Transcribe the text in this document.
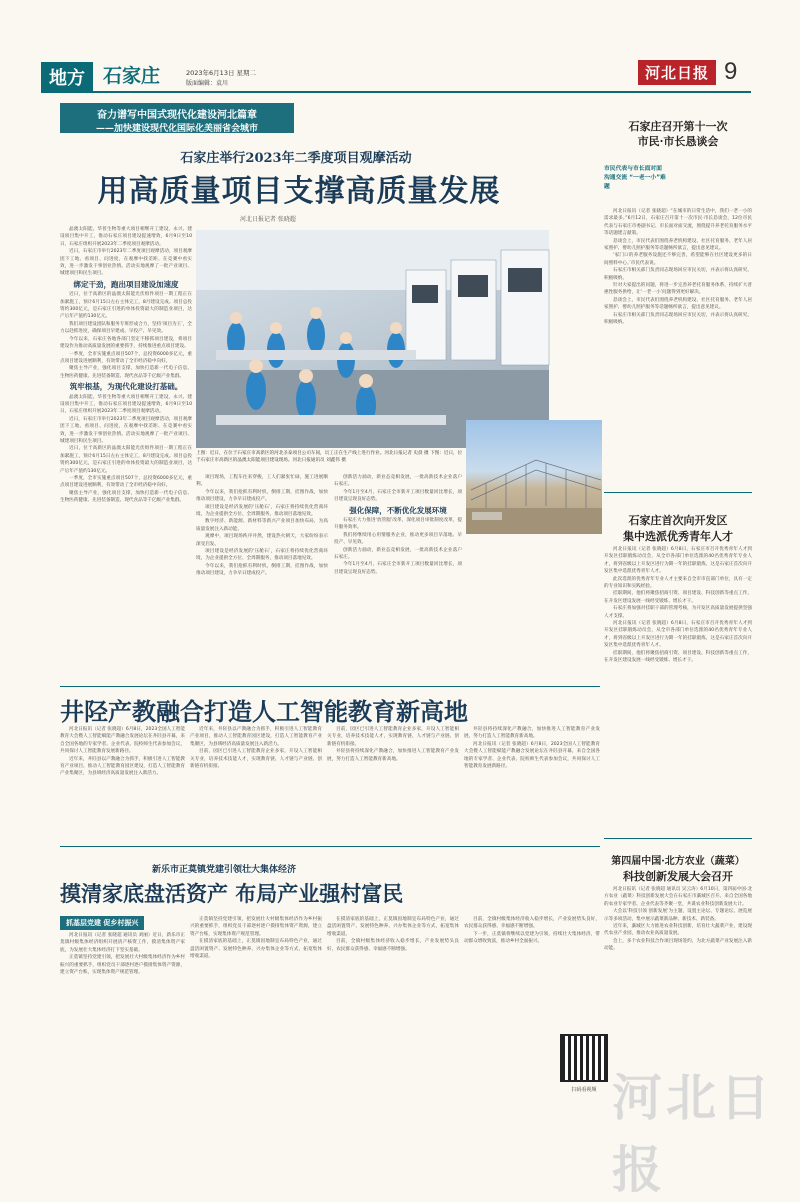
地方 石家庄	2023年6月13日 星期二
版面编辑：袁川
河北日报 9
奋力谱写中国式现代化建设河北篇章
——加快建设现代化国际化美丽省会城市
石家庄举行2023年二季度项目观摩活动
用高质量项目支撑高质量发展
河北日报记者 张晓超

晶澳太阳能、华普生物等重大项目相继开工建设，永兴、建设项目集中开工，推动石家庄项目建设提速增效，6月9日至10日，石家庄组织开展2023年二季度项目观摩活动。

近日，石家庄市举行2023年二季度项目观摩活动，项目观摩团下工地、看项目、问进度，在观摩中找差距、在竞赛中看实效，进一步激发干事创业热情。活动实地观摩了一批产业项目、城建项目和民生项目。

绑定干劲，跑出项目建设加速度

近日，位于高新区的晶澳太阳能光伏组件项目一期工程正在加紧施工，预计6月15日左右主体完工，8月建设完成。项目总投资约300亿元，是石家庄引进的单体投资最大的制造业项目，达产后年产值约130亿元。

我们项目建设团队和服务专班形成合力，坚持‘项目为王’，全力以赴抓进度，确保项目早建成、早投产、早见效。

今年以来，石家庄各地各部门坚定不移抓项目建设，将项目建设作为推动高质量发展的重要抓手，持续推进重点项目建设。

一季度，全市实施重点项目507个，总投资6000多亿元，重点项目建设进展顺利，有效带动了全市经济稳中向好。

聚焦主导产业，强化项目支撑，加快打造新一代电子信息、生物医药健康、先进装备制造、现代食品等千亿级产业集群。

筑牢根基，为现代化建设打基础。

晶澳太阳能、华普生物等重大项目相继开工建设，永兴、建设项目集中开工，推动石家庄项目建设提速增效，6月9日至10日，石家庄组织开展2023年二季度项目观摩活动。

近日，石家庄市举行2023年二季度项目观摩活动，项目观摩团下工地、看项目、问进度，在观摩中找差距、在竞赛中看实效，进一步激发干事创业热情。活动实地观摩了一批产业项目、城建项目和民生项目。

近日，位于高新区的晶澳太阳能光伏组件项目一期工程正在加紧施工，预计6月15日左右主体完工，8月建设完成。项目总投资约300亿元，是石家庄引进的单体投资最大的制造业项目，达产后年产值约130亿元。

一季度，全市实施重点项目507个，总投资6000多亿元，重点项目建设进展顺利，有效带动了全市经济稳中向好。

聚焦主导产业，强化项目支撑，加快打造新一代电子信息、生物医药健康、先进装备制造、现代食品等千亿级产业集群。

上图：近日，在位于石家庄市高新区的河北圣泰项目公司车间，员工正在生产线上进行作业。河北日报记者 史晨 摄 下图：近日，位于石家庄市高新区的晶澳太阳能项目建设现场。河北日报通讯员 刘鑫伟 摄

项目现场，工程车往来穿梭，工人们紧张忙碌，施工进展顺利。

今年以来，我们抢抓有利时机，倒排工期，挂图作战，加快推动项目建设，力争早日建成投产。

项目建设是经济发展的‘压舱石’，石家庄将持续优化营商环境，为企业提供全方位、全周期服务，推动项目落地见效。

数字经济、新能源、新材料等新兴产业项目加快布局，为高质量发展注入新动能。

观摩中，项目现场秩序井然，建设热火朝天，大家纷纷表示深受启发。

项目建设是经济发展的‘压舱石’，石家庄将持续优化营商环境，为企业提供全方位、全周期服务，推动项目落地见效。

今年以来，我们抢抓有利时机，倒排工期，挂图作战，加快推动项目建设，力争早日建成投产。

创新活力涌动，新业态竞相发展，一批高新技术企业落户石家庄。

今年1月至4月，石家庄全市新开工项目数量同比增长，项目建设呈现良好态势。

强化保障，不断优化发展环境

石家庄大力推进‘放管服’改革，深化项目审批制度改革，提升服务效率。

我们将继续用心用情服务企业，推动更多项目早落地、早投产、早见效。

创新活力涌动，新业态竞相发展，一批高新技术企业落户石家庄。

今年1月至4月，石家庄全市新开工项目数量同比增长，项目建设呈现良好态势。

石家庄召开第十一次
市民·市长恳谈会
市民代表与市长面对面沟通交流 “一老一小”难题

河北日报讯（记者 张晓超）“在城市的日常生活中，我们一老一小的需求最多。”6月12日，石家庄召开第十一次市民·市长恳谈会，12位市民代表与石家庄市委副书记、市长面对面交流，围绕提升养老托育服务水平等话题建言献策。

恳谈会上，市民代表们围绕养老机构建设、社区托育服务、老年人居家照护、婴幼儿照护服务等话题畅所欲言，提出意见建议。

‘家门口的养老服务设施还不够完善，希望能够在社区建设更多的日间照料中心。’市民代表说。

石家庄市相关部门负责同志现场回应市民关切，并表示将认真研究、积极吸纳。

针对大家提出的问题，将进一步完善养老托育服务体系，持续扩大普惠性服务供给，让‘一老一小’问题得到更好解决。

恳谈会上，市民代表们围绕养老机构建设、社区托育服务、老年人居家照护、婴幼儿照护服务等话题畅所欲言，提出意见建议。

石家庄市相关部门负责同志现场回应市民关切，并表示将认真研究、积极吸纳。

石家庄首次向开发区
集中选派优秀青年人才

河北日报讯（记者 张晓超）6月8日，石家庄市召开优秀青年人才到开发区挂职锻炼动员会，从全市各部门单位选派的40名优秀青年专业人才，将到省级以上开发区进行为期一年的挂职锻炼，这是石家庄首次向开发区集中选派优秀青年人才。

此次选派的优秀青年专业人才主要来自全市市直部门单位，具有一定的专业知识和实践经验。

挂职期间，他们将聚焦招商引资、项目建设、科技创新等重点工作，在开发区建设发展一线经受锻炼、增长才干。

石家庄将加强对挂职干部的管理考核，为开发区高质量发展提供坚强人才支撑。

河北日报讯（记者 张晓超）6月8日，石家庄市召开优秀青年人才到开发区挂职锻炼动员会，从全市各部门单位选派的40名优秀青年专业人才，将到省级以上开发区进行为期一年的挂职锻炼，这是石家庄首次向开发区集中选派优秀青年人才。

挂职期间，他们将聚焦招商引资、项目建设、科技创新等重点工作，在开发区建设发展一线经受锻炼、增长才干。

第四届中国·北方农业（蔬菜）
科技创新发展大会召开

河北日报讯（记者 张晓超 通讯员 吴云涛）6月10日，第四届中国·北方农业（蔬菜）科技创新发展大会在石家庄市藁城区召开。来自全国各地的农业专家学者、企业代表等齐聚一堂，共谋农业科技创新发展大计。

大会以‘科技引领 创新发展’为主题，设置主论坛、专题论坛、展览展示等多项活动，集中展示蔬菜新品种、新技术、新装备。

近年来，藁城区大力推进农业科技创新，培育壮大蔬菜产业，建设现代农业产业园，推动农业高质量发展。

会上，多个农业科技合作项目现场签约，为北方蔬菜产业发展注入新动能。

井陉产教融合打造人工智能教育新高地

河北日报讯（记者 张晓超）6月8日，2023全国人工智能教育大会暨人工智能赋能产教融合发展论坛在井陉县开幕，来自全国各地的专家学者、企业代表、院校师生代表参加会议，共同探讨人工智能教育发展新路径。

近年来，井陉县以产教融合为抓手，积极引进人工智能教育产业项目，推动人工智能教育园区建设，打造人工智能教育产业集聚区，为县域经济高质量发展注入新活力。

近年来，井陉县以产教融合为抓手，积极引进人工智能教育产业项目，推动人工智能教育园区建设，打造人工智能教育产业集聚区，为县域经济高质量发展注入新活力。

目前，园区已引进人工智能教育企业多家，开设人工智能相关专业，培养技术技能人才，实现教育链、人才链与产业链、创新链有机衔接。

目前，园区已引进人工智能教育企业多家，开设人工智能相关专业，培养技术技能人才，实现教育链、人才链与产业链、创新链有机衔接。

井陉县将持续深化产教融合，加快推进人工智能教育产业发展，努力打造人工智能教育新高地。

井陉县将持续深化产教融合，加快推进人工智能教育产业发展，努力打造人工智能教育新高地。

河北日报讯（记者 张晓超）6月8日，2023全国人工智能教育大会暨人工智能赋能产教融合发展论坛在井陉县开幕，来自全国各地的专家学者、企业代表、院校师生代表参加会议，共同探讨人工智能教育发展新路径。

新乐市正莫镇党建引领壮大集体经济
摸清家底盘活资产 布局产业强村富民
抓基层党建 促乡村振兴

河北日报讯（记者 张晓超 通讯员 刘丽）近日，新乐市正莫镇村级集体经济组织开展清产核资工作，摸清集体资产家底，为发展壮大集体经济打下坚实基础。

正莫镇坚持党建引领，把发展壮大村级集体经济作为乡村振兴的重要抓手，组织党员干部逐村逐户摸排集体资产资源，建立资产台账，实现集体资产规范管理。

正莫镇坚持党建引领，把发展壮大村级集体经济作为乡村振兴的重要抓手，组织党员干部逐村逐户摸排集体资产资源，建立资产台账，实现集体资产规范管理。

在摸清家底的基础上，正莫镇因地制宜布局特色产业，通过盘活闲置资产、发展特色种养、兴办集体企业等方式，拓宽集体增收渠道。

在摸清家底的基础上，正莫镇因地制宜布局特色产业，通过盘活闲置资产、发展特色种养、兴办集体企业等方式，拓宽集体增收渠道。

目前，全镇村级集体经济收入稳步增长，产业发展势头良好，农民群众获得感、幸福感不断增强。

目前，全镇村级集体经济收入稳步增长，产业发展势头良好，农民群众获得感、幸福感不断增强。

下一步，正莫镇将继续以党建为引领，持续壮大集体经济，带动群众增收致富，推动乡村全面振兴。

扫码看视频 河北日报
